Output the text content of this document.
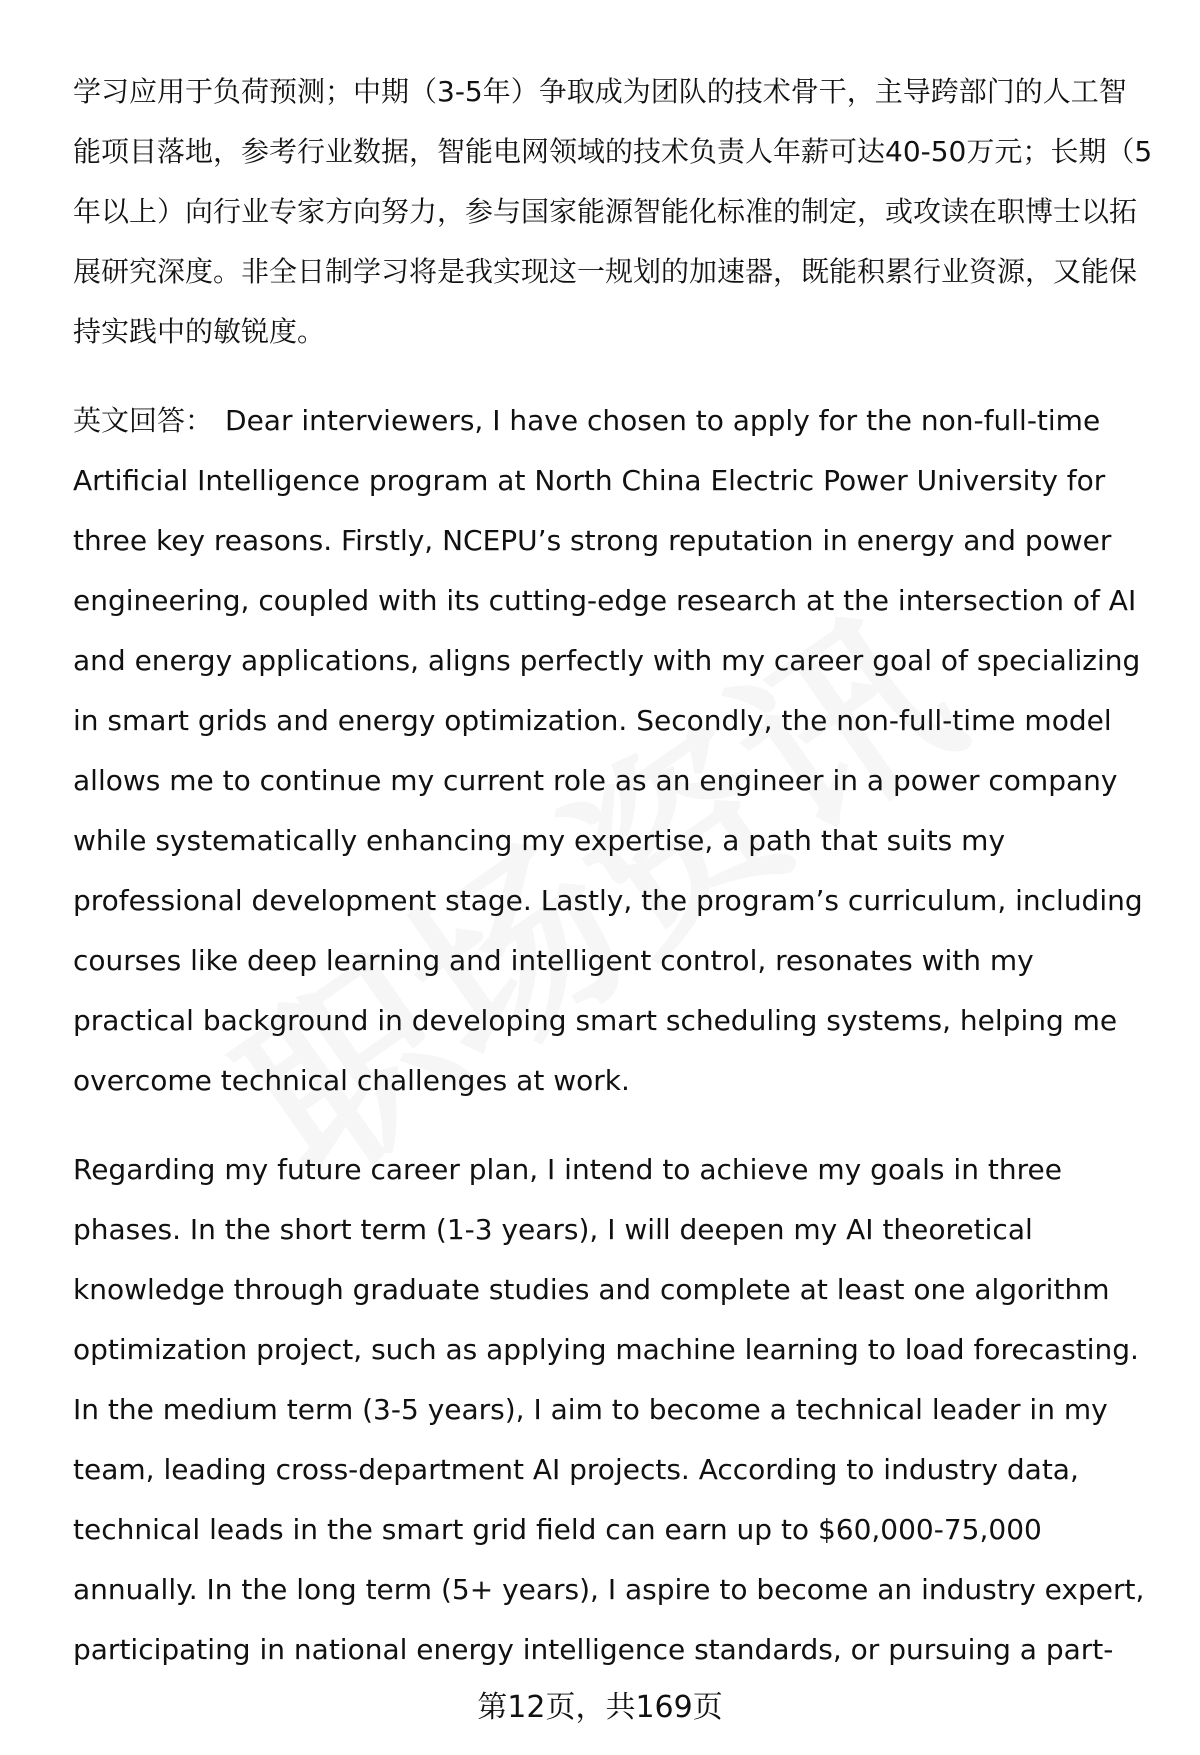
学习应用于负荷预测；中期（3-5年）争取成为团队的技术骨干，主导跨部门的人工智能项目落地，参考行业数据，智能电网领域的技术负责人年薪可达40-50万元；长期（5年以上）向行业专家方向努力，参与国家能源智能化标准的制定，或攻读在职博士以拓展研究深度。非全日制学习将是我实现这一规划的加速器，既能积累行业资源，又能保持实践中的敏锐度。

英文回答： Dear interviewers, I have chosen to apply for the non-full-time Artificial Intelligence program at North China Electric Power University for three key reasons. Firstly, NCEPU’s strong reputation in energy and power engineering, coupled with its cutting-edge research at the intersection of AI and energy applications, aligns perfectly with my career goal of specializing in smart grids and energy optimization. Secondly, the non-full-time model allows me to continue my current role as an engineer in a power company while systematically enhancing my expertise, a path that suits my professional development stage. Lastly, the program’s curriculum, including courses like deep learning and intelligent control, resonates with my practical background in developing smart scheduling systems, helping me overcome technical challenges at work.

Regarding my future career plan, I intend to achieve my goals in three phases. In the short term (1-3 years), I will deepen my AI theoretical knowledge through graduate studies and complete at least one algorithm optimization project, such as applying machine learning to load forecasting. In the medium term (3-5 years), I aim to become a technical leader in my team, leading cross-department AI projects. According to industry data, technical leads in the smart grid field can earn up to $60,000-75,000 annually. In the long term (5+ years), I aspire to become an industry expert, participating in national energy intelligence standards, or pursuing a part-

第12页，共169页
